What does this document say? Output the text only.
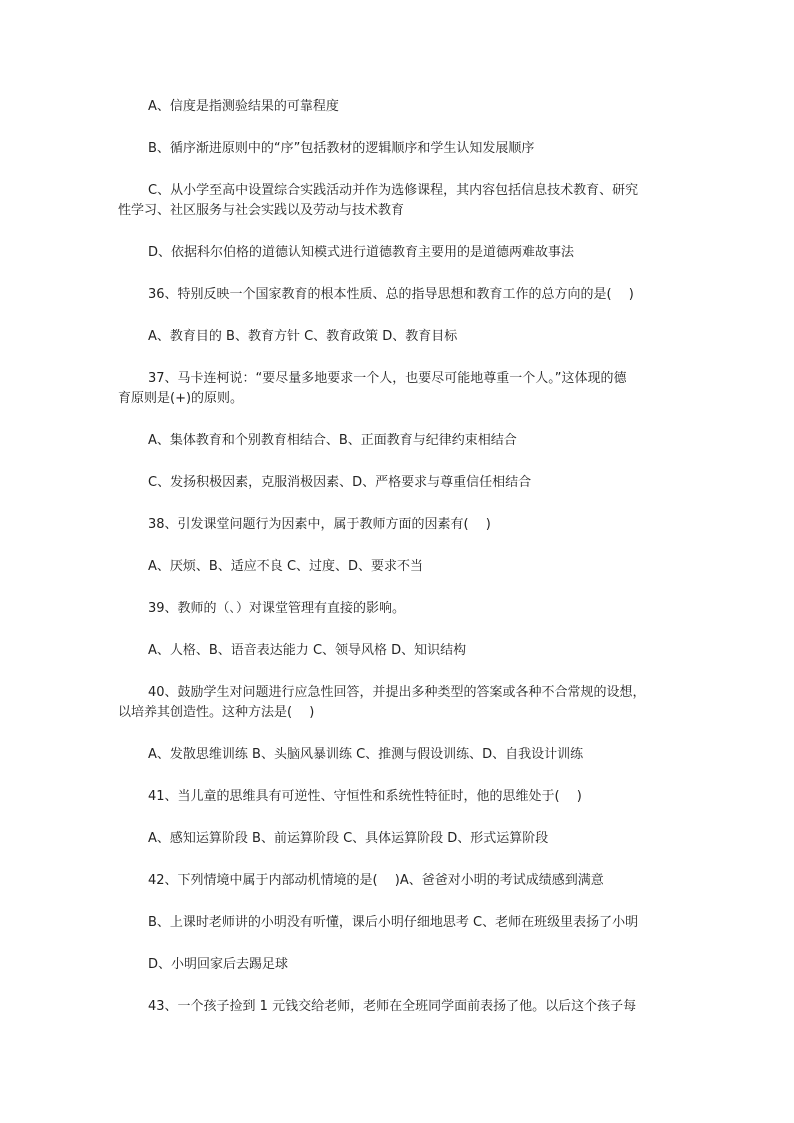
A、信度是指测验结果的可靠程度

B、循序渐进原则中的“序”包括教材的逻辑顺序和学生认知发展顺序

C、从小学至高中设置综合实践活动并作为选修课程，其内容包括信息技术教育、研究
性学习、社区服务与社会实践以及劳动与技术教育

D、依据科尔伯格的道德认知模式进行道德教育主要用的是道德两难故事法

36、特别反映一个国家教育的根本性质、总的指导思想和教育工作的总方向的是(　 )

A、教育目的 B、教育方针 C、教育政策 D、教育目标

37、马卡连柯说：“要尽量多地要求一个人，也要尽可能地尊重一个人。”这体现的德
育原则是(+)的原则。

A、集体教育和个别教育相结合、B、正面教育与纪律约束相结合

C、发扬积极因素，克服消极因素、D、严格要求与尊重信任相结合

38、引发课堂问题行为因素中，属于教师方面的因素有(　 )

A、厌烦、B、适应不良 C、过度、D、要求不当

39、教师的（､）对课堂管理有直接的影响。

A、人格、B、语音表达能力 C、领导风格 D、知识结构

40、鼓励学生对问题进行应急性回答，并提出多种类型的答案或各种不合常规的设想，
以培养其创造性。这种方法是(　 )

A、发散思维训练 B、头脑风暴训练 C、推测与假设训练、D、自我设计训练

41、当儿童的思维具有可逆性、守恒性和系统性特征时，他的思维处于(　 )

A、感知运算阶段 B、前运算阶段 C、具体运算阶段 D、形式运算阶段

42、下列情境中属于内部动机情境的是(　 )A、爸爸对小明的考试成绩感到满意

B、上课时老师讲的小明没有听懂，课后小明仔细地思考 C、老师在班级里表扬了小明

D、小明回家后去踢足球

43、一个孩子捡到 1 元钱交给老师，老师在全班同学面前表扬了他。以后这个孩子每
